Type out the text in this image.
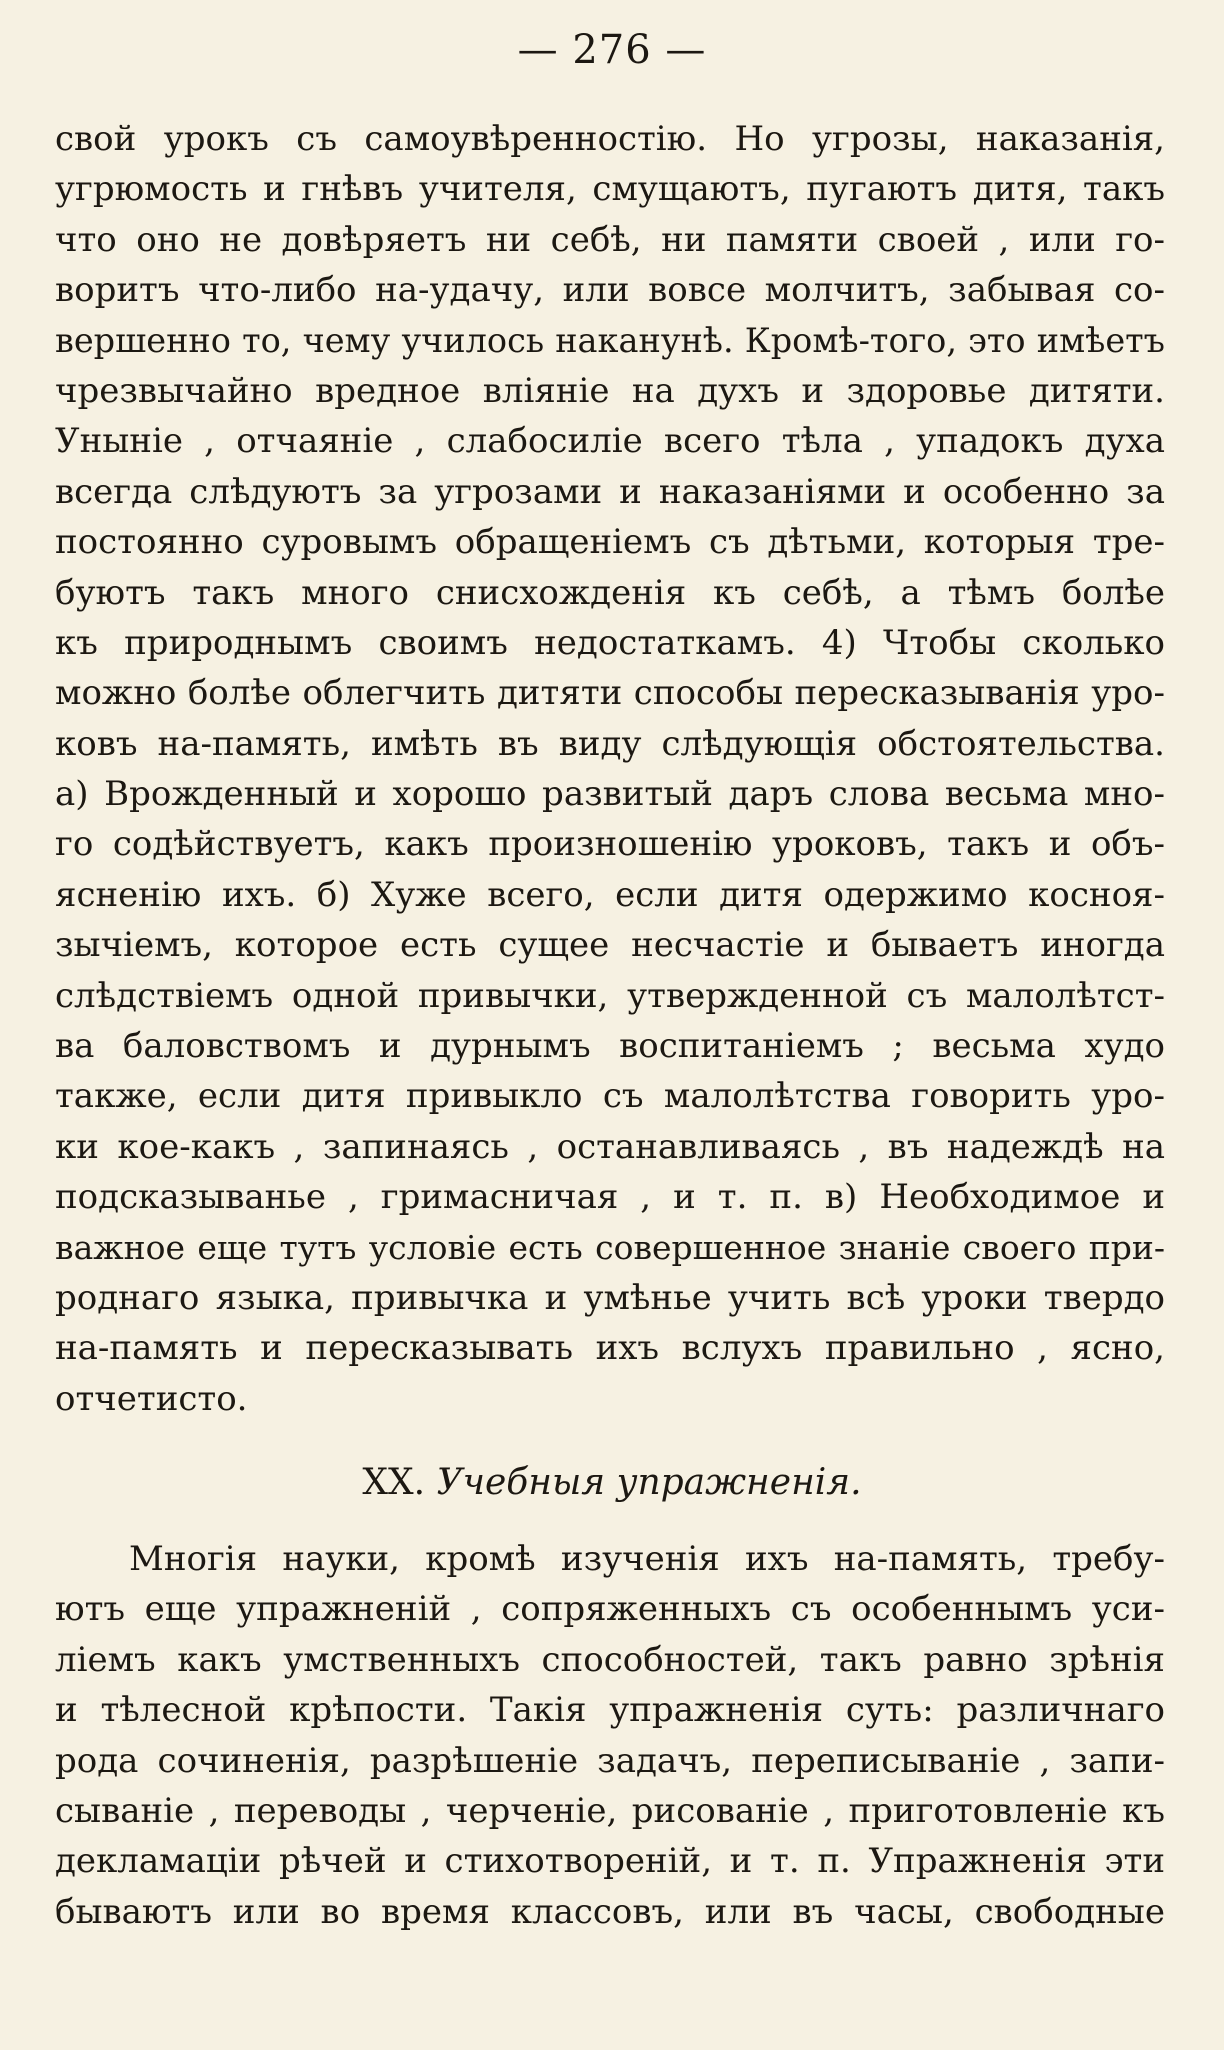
— 276 —
свой урокъ съ самоувѣренностію. Но угрозы, наказанія,
угрюмость и гнѣвъ учителя, смущаютъ, пугаютъ дитя, такъ
что оно не довѣряетъ ни себѣ, ни памяти своей , или го-
воритъ что-либо на-удачу, или вовсе молчитъ, забывая со-
вершенно то, чему училось наканунѣ. Кромѣ-того, это имѣетъ
чрезвычайно вредное вліяніе на духъ и здоровье дитяти.
Уныніе , отчаяніе , слабосиліе всего тѣла , упадокъ духа
всегда слѣдуютъ за угрозами и наказаніями и особенно за
постоянно суровымъ обращеніемъ съ дѣтьми, которыя тре-
буютъ такъ много снисхожденія къ себѣ, а тѣмъ болѣе
къ природнымъ своимъ недостаткамъ. 4) Чтобы сколько
можно болѣе облегчить дитяти способы пересказыванія уро-
ковъ на-память, имѣть въ виду слѣдующія обстоятельства.
а) Врожденный и хорошо развитый даръ слова весьма мно-
го содѣйствуетъ, какъ произношенію уроковъ, такъ и объ-
ясненію ихъ. б) Хуже всего, если дитя одержимо косноя-
зычіемъ, которое есть сущее несчастіе и бываетъ иногда
слѣдствіемъ одной привычки, утвержденной съ малолѣтст-
ва баловствомъ и дурнымъ воспитаніемъ ; весьма худо
также, если дитя привыкло съ малолѣтства говорить уро-
ки кое-какъ , запинаясь , останавливаясь , въ надеждѣ на
подсказыванье , гримасничая , и т. п. в) Необходимое и
важное еще тутъ условіе есть совершенное знаніе своего при-
роднаго языка, привычка и умѣнье учить всѣ уроки твердо
на-память и пересказывать ихъ вслухъ правильно , ясно,
отчетисто.
XX. Учебныя упражненія.
Многія науки, кромѣ изученія ихъ на-память, требу-
ютъ еще упражненій , сопряженныхъ съ особеннымъ уси-
ліемъ какъ умственныхъ способностей, такъ равно зрѣнія
и тѣлесной крѣпости. Такія упражненія суть: различнаго
рода сочиненія, разрѣшеніе задачъ, переписываніе , запи-
сываніе , переводы , черченіе, рисованіе , приготовленіе къ
декламаціи рѣчей и стихотвореній, и т. п. Упражненія эти
бываютъ или во время классовъ, или въ часы, свободные
